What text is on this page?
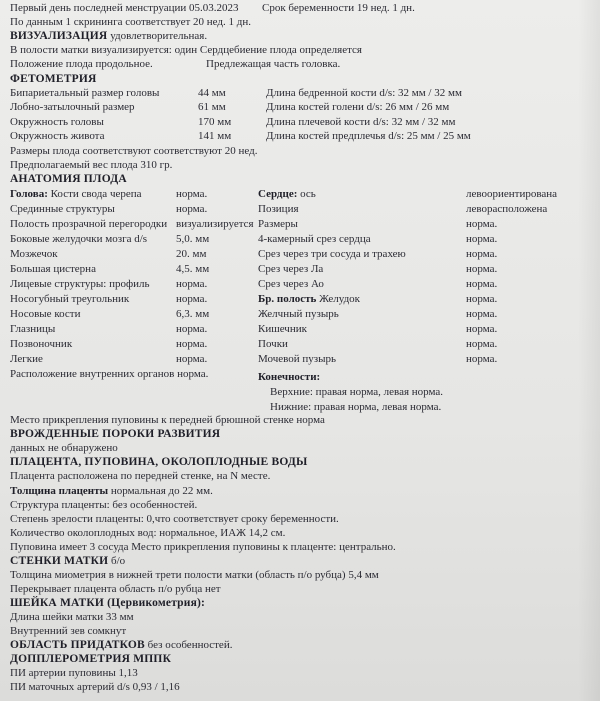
Первый день последней менструации 05.03.2023 Срок беременности 19 нед. 1 дн.
По данным 1 скрининга соответствует 20 нед. 1 дн.
ВИЗУАЛИЗАЦИЯ удовлетворительная.
В полости матки визуализируется: один Сердцебиение плода определяется
Положение плода продольное.	Предлежащая часть головка.
ФЕТОМЕТРИЯ
Бипариетальный размер головы	44 мм	Длина бедренной кости d/s: 32 мм / 32 мм
Лобно-затылочный размер	61 мм	Длина костей голени d/s: 26 мм / 26 мм
Окружность головы	170 мм	Длина плечевой кости d/s: 32 мм / 32 мм
Окружность живота	141 мм	Длина костей предплечья d/s: 25 мм / 25 мм
Размеры плода соответствуют соответствуют 20 нед.
Предполагаемый вес плода 310 гр.
АНАТОМИЯ ПЛОДА
Голова: Кости свода черепа	норма.
Срединные структуры	норма.
Полость прозрачной перегородки визуализируется
Боковые желудочки мозга d/s	5,0. мм
Мозжечок	20. мм
Большая цистерна	4,5. мм
Лицевые структуры: профиль норма.
Носогубный треугольник	норма.
Носовые кости	6,3. мм
Глазницы	норма.
Позвоночник	норма.
Легкие	норма.
Расположение внутренних органов норма.
Сердце: ось	левоориентирована
Позиция	леворасположена
Размеры	норма.
4-камерный срез сердца	норма.
Срез через три сосуда и трахею	норма.
Срез через Ла	норма.
Срез через Ао	норма.
Бр. полость Желудок	норма.
Желчный пузырь	норма.
Кишечник	норма.
Почки	норма.
Мочевой пузырь	норма.
Конечности:
Верхние: правая норма, левая норма.
Нижние: правая норма, левая норма.
Место прикрепления пуповины к передней брюшной стенке норма
ВРОЖДЕННЫЕ ПОРОКИ РАЗВИТИЯ
данных не обнаружено
ПЛАЦЕНТА, ПУПОВИНА, ОКОЛОПЛОДНЫЕ ВОДЫ
Плацента расположена по передней стенке, на N месте.
Толщина плаценты нормальная до 22 мм.
Структура плаценты: без особенностей.
Степень зрелости плаценты: 0,что соответствует сроку беременности.
Количество околоплодных вод: нормальное, ИАЖ 14,2 см.
Пуповина имеет 3 сосуда Место прикрепления пуповины к плаценте: центрально.
СТЕНКИ МАТКИ б/о
Толщина миометрия в нижней трети полости матки (область п/о рубца) 5,4 мм
Перекрывает плацента область п/о рубца нет
ШЕЙКА МАТКИ (Цервикометрия):
Длина шейки матки 33 мм
Внутренний зев сомкнут
ОБЛАСТЬ ПРИДАТКОВ без особенностей.
ДОППЛЕРОМЕТРИЯ МППК
ПИ артерии пуповины 1,13
ПИ маточных артерий d/s 0,93 / 1,16
